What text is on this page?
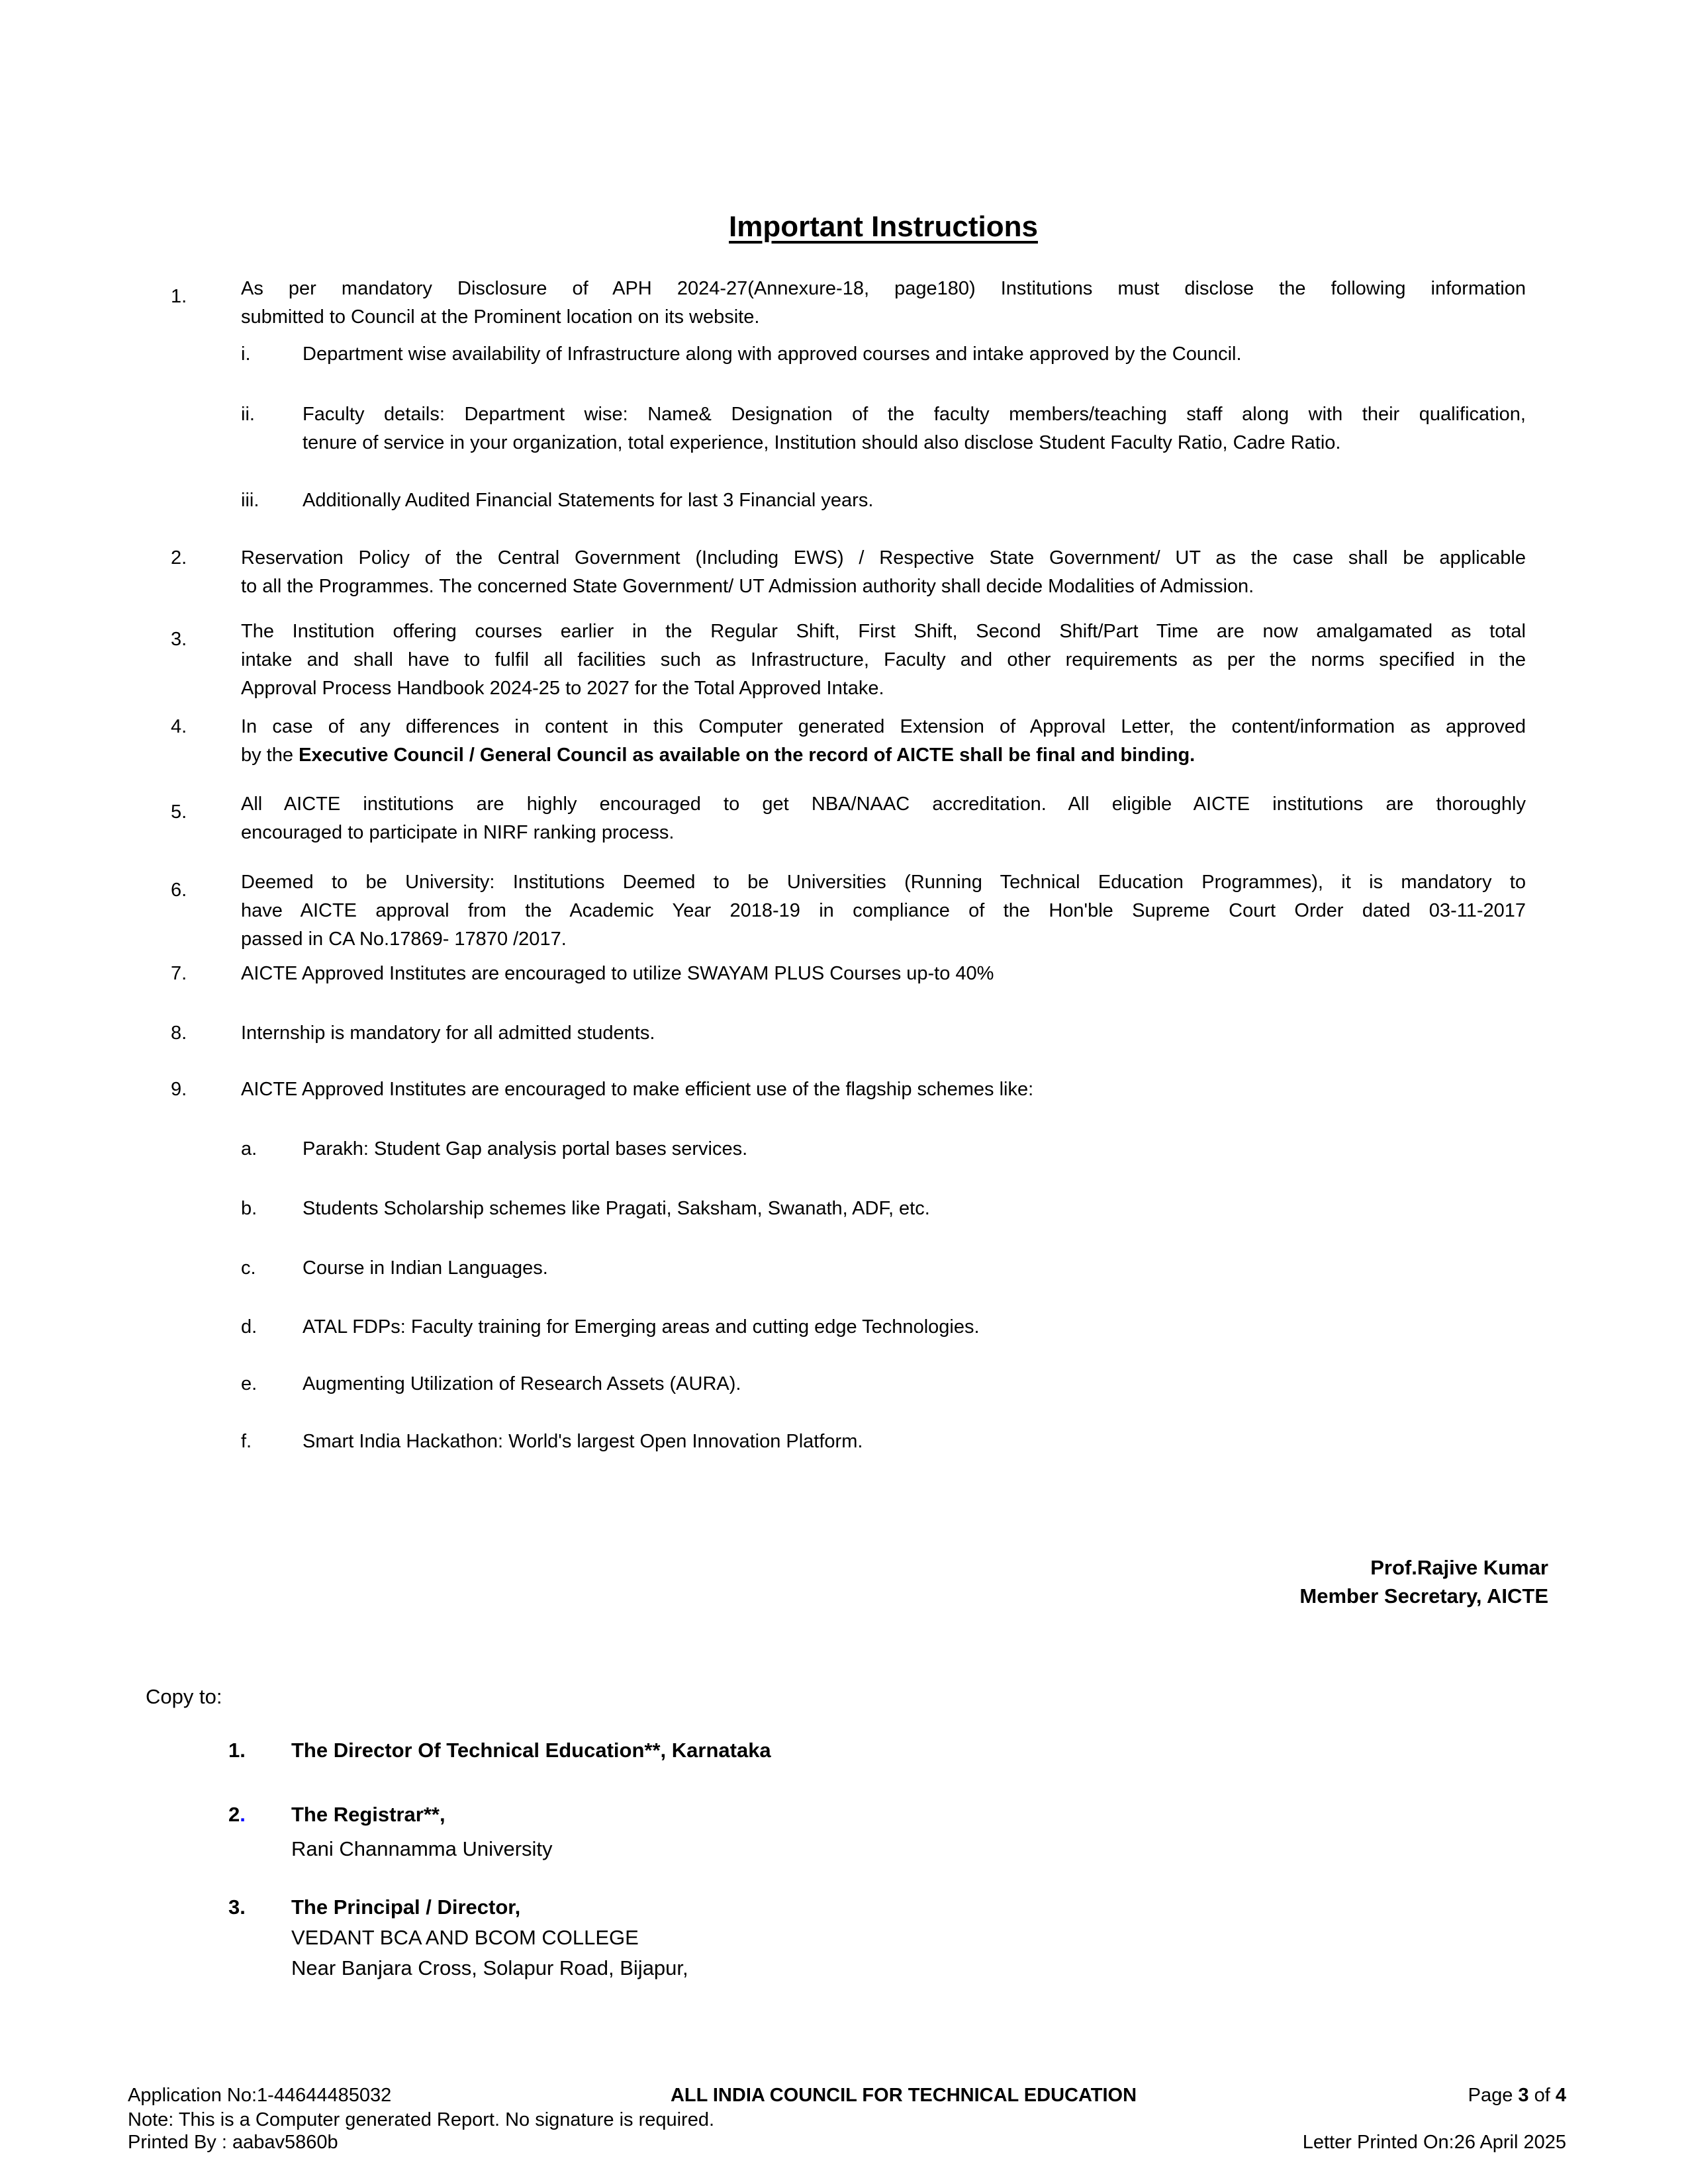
Important Instructions
1.	As per mandatory Disclosure of APH 2024-27(Annexure-18, page180) Institutions must disclose the following information
submitted to Council at the Prominent location on its website.
i.	Department wise availability of Infrastructure along with approved courses and intake approved by the Council.
ii.	Faculty details: Department wise: Name& Designation of the faculty members/teaching staff along with their qualification,
tenure of service in your organization, total experience, Institution should also disclose Student Faculty Ratio, Cadre Ratio.
iii.	Additionally Audited Financial Statements for last 3 Financial years.
2.	Reservation Policy of the Central Government (Including EWS) / Respective State Government/ UT as the case shall be applicable
to all the Programmes. The concerned State Government/ UT Admission authority shall decide Modalities of Admission.
3.	The Institution offering courses earlier in the Regular Shift, First Shift, Second Shift/Part Time are now amalgamated as total
intake and shall have to fulfil all facilities such as Infrastructure, Faculty and other requirements as per the norms specified in the
Approval Process Handbook 2024-25 to 2027 for the Total Approved Intake.
4.	In case of any differences in content in this Computer generated Extension of Approval Letter, the content/information as approved
by the Executive Council / General Council as available on the record of AICTE shall be final and binding.
5.	All AICTE institutions are highly encouraged to get NBA/NAAC accreditation. All eligible AICTE institutions are thoroughly
encouraged to participate in NIRF ranking process.
6.	Deemed to be University: Institutions Deemed to be Universities (Running Technical Education Programmes), it is mandatory to
have AICTE approval from the Academic Year 2018-19 in compliance of the Hon'ble Supreme Court Order dated 03-11-2017
passed in CA No.17869- 17870 /2017.
7.	AICTE Approved Institutes are encouraged to utilize SWAYAM PLUS Courses up-to 40%
8.	Internship is mandatory for all admitted students.
9.	AICTE Approved Institutes are encouraged to make efficient use of the flagship schemes like:
a.	Parakh: Student Gap analysis portal bases services.
b.	Students Scholarship schemes like Pragati, Saksham, Swanath, ADF, etc.
c.	Course in Indian Languages.
d.	ATAL FDPs: Faculty training for Emerging areas and cutting edge Technologies.
e.	Augmenting Utilization of Research Assets (AURA).
f.	Smart India Hackathon: World's largest Open Innovation Platform.
Prof.Rajive Kumar
Member Secretary, AICTE
Copy to:
1.	The Director Of Technical Education**, Karnataka
2.	The Registrar**,
Rani Channamma University
3.	The Principal / Director,
VEDANT BCA AND BCOM COLLEGE
Near Banjara Cross, Solapur Road, Bijapur,
Application No:1-44644485032	ALL INDIA COUNCIL FOR TECHNICAL EDUCATION	Page 3 of 4
Note: This is a Computer generated Report. No signature is required.
Printed By : aabav5860b	Letter Printed On:26 April 2025
